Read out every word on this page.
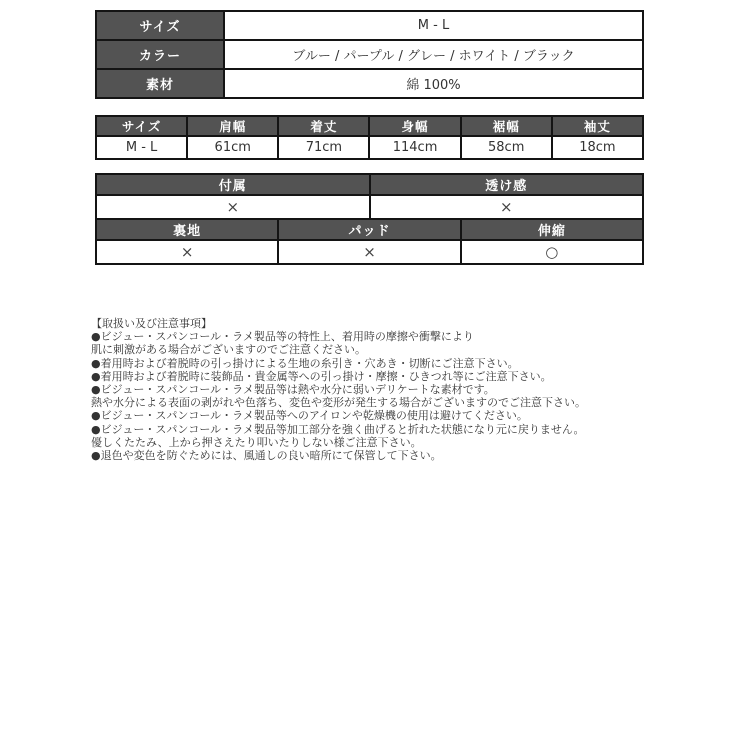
サイズ	M - L
カラー	ブルー / パープル / グレー / ホワイト / ブラック
素材	綿 100%
サイズ	肩幅	着丈	身幅	裾幅	袖丈
M - L	61cm	71cm	114cm	58cm	18cm
付属	透け感
×	×
裏地	パッド	伸縮
×	×	○
【取扱い及び注意事項】
●ビジュー・スパンコール・ラメ製品等の特性上、着用時の摩擦や衝撃により
肌に刺激がある場合がございますのでご注意ください。
●着用時および着脱時の引っ掛けによる生地の糸引き・穴あき・切断にご注意下さい。
●着用時および着脱時に装飾品・貴金属等への引っ掛け・摩擦・ひきつれ等にご注意下さい。
●ビジュー・スパンコール・ラメ製品等は熱や水分に弱いデリケートな素材です。
熱や水分による表面の剥がれや色落ち、変色や変形が発生する場合がございますのでご注意下さい。
●ビジュー・スパンコール・ラメ製品等へのアイロンや乾燥機の使用は避けてください。
●ビジュー・スパンコール・ラメ製品等加工部分を強く曲げると折れた状態になり元に戻りません。
優しくたたみ、上から押さえたり叩いたりしない様ご注意下さい。
●退色や変色を防ぐためには、風通しの良い暗所にて保管して下さい。
